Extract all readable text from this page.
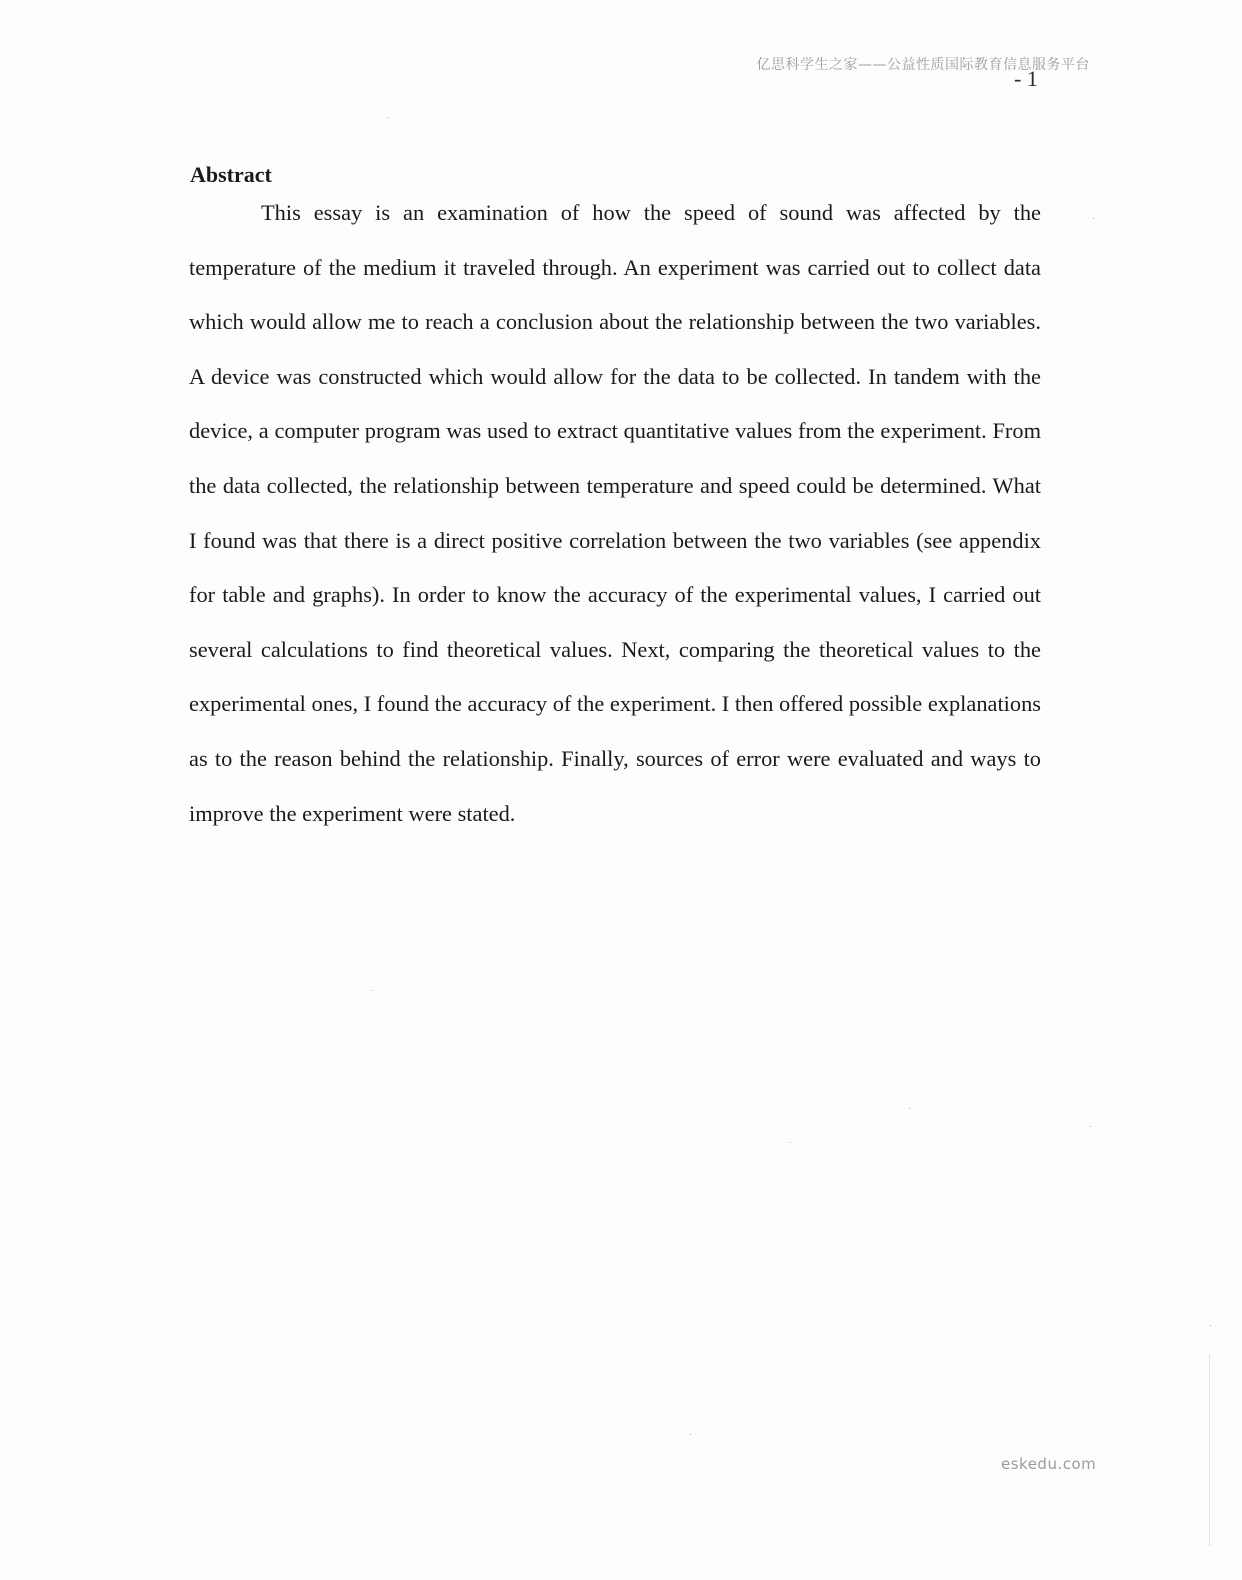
亿思科学生之家——公益性质国际教育信息服务平台
- 1
Abstract

This essay is an examination of how the speed of sound was affected by the temperature of the medium it traveled through. An experiment was carried out to collect data which would allow me to reach a conclusion about the relationship between the two variables. A device was constructed which would allow for the data to be collected. In tandem with the device, a computer program was used to extract quantitative values from the experiment. From the data collected, the relationship between temperature and speed could be determined. What I found was that there is a direct positive correlation between the two variables (see appendix for table and graphs). In order to know the accuracy of the experimental values, I carried out several calculations to find theoretical values. Next, comparing the theoretical values to the experimental ones, I found the accuracy of the experiment. I then offered possible explanations as to the reason behind the relationship. Finally, sources of error were evaluated and ways to improve the experiment were stated.

eskedu.com
